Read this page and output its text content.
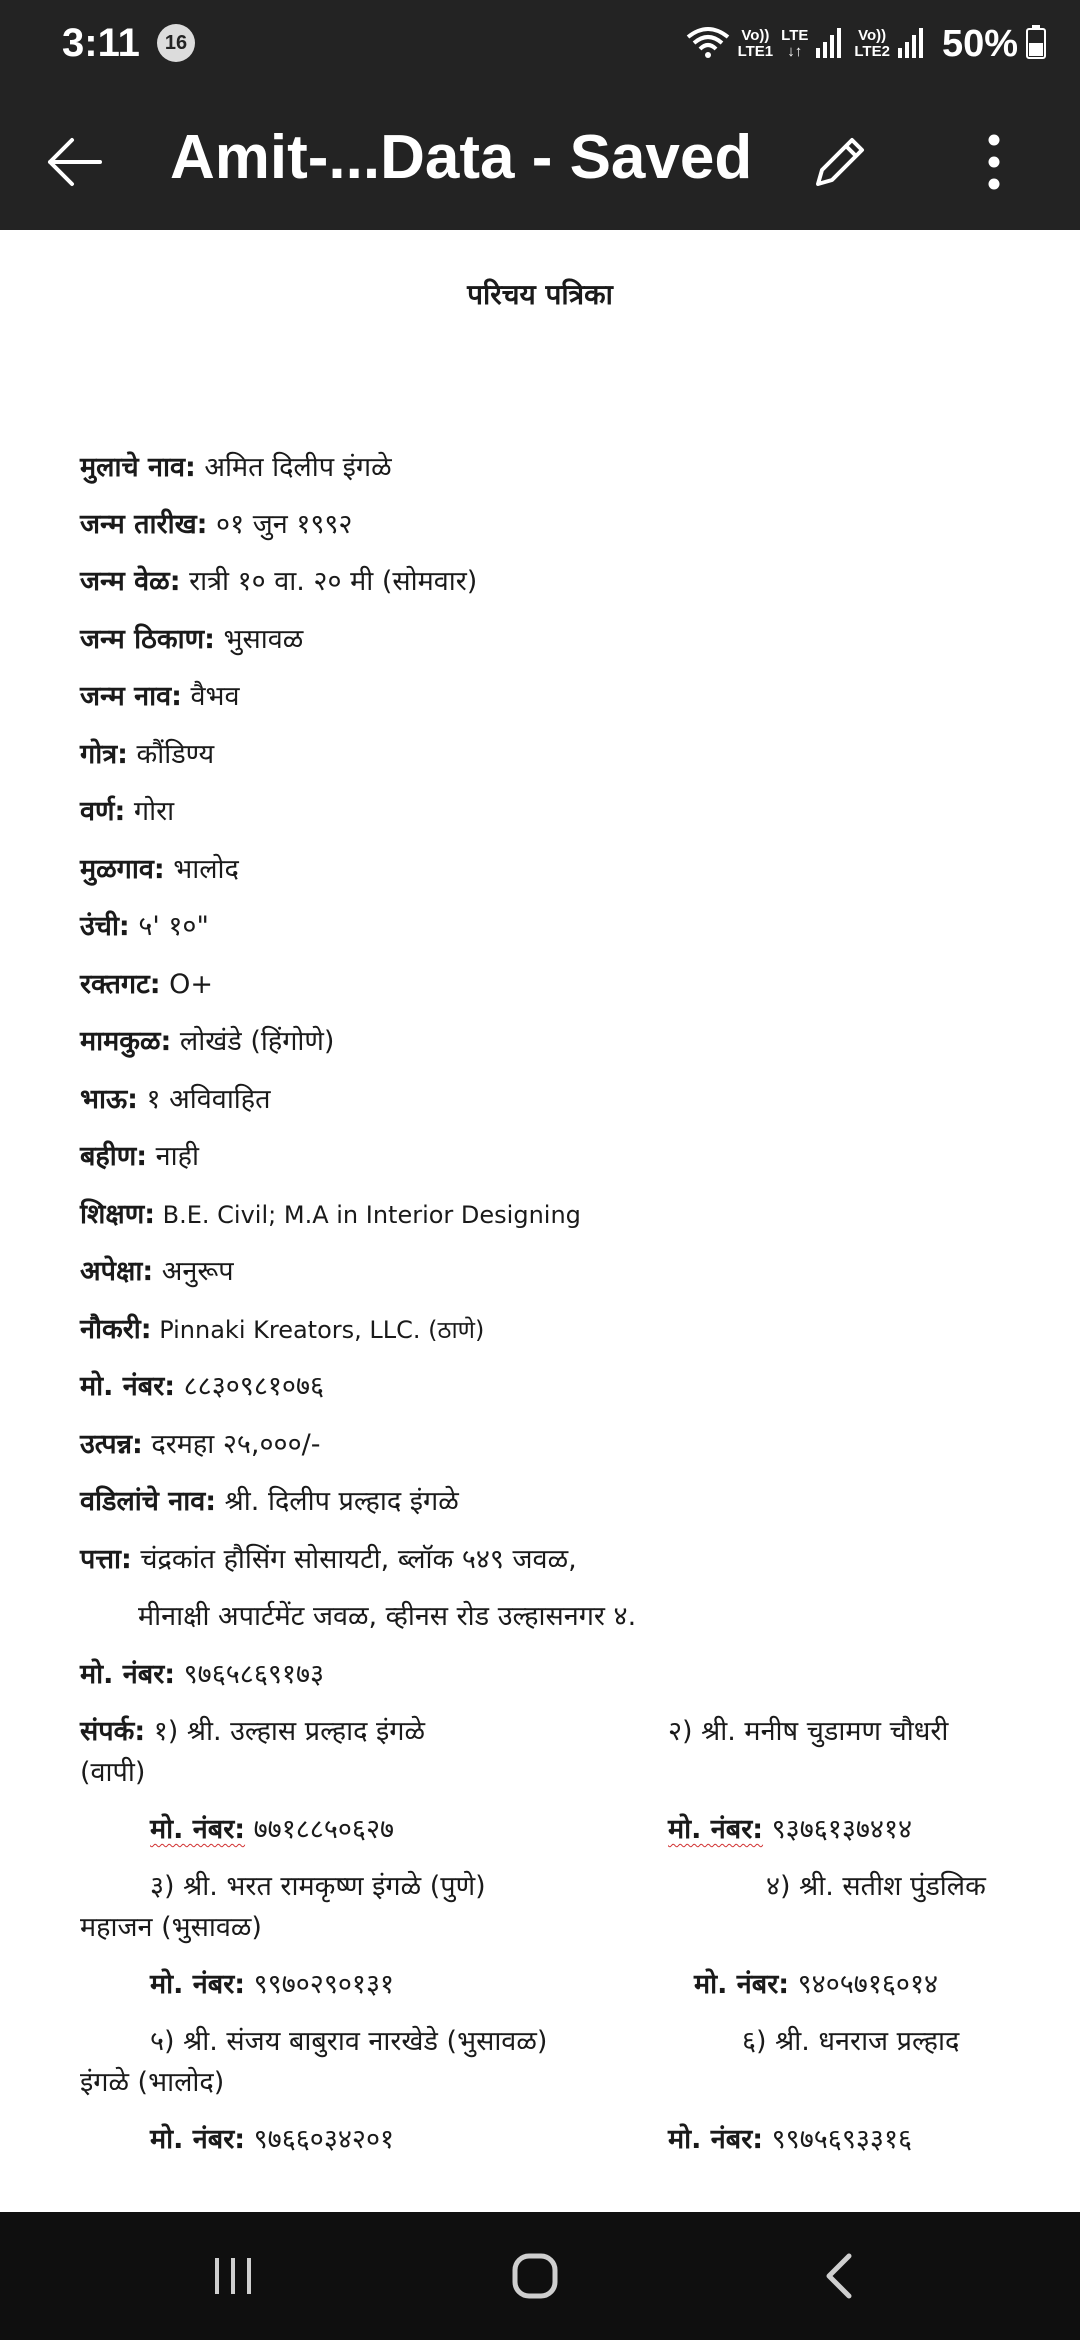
3:11	16	Vo))
LTE1
LTE
↓↑
Vo))
LTE2 50%
Amit-...Data - Saved
परिचय पत्रिका
मुलाचे नाव: अमित दिलीप इंगळे
जन्म तारीख: ०१ जुन १९९२
जन्म वेळ: रात्री १० वा. २० मी (सोमवार)
जन्म ठिकाण: भुसावळ
जन्म नाव: वैभव
गोत्र: कौंडिण्य
वर्ण: गोरा
मुळगाव: भालोद
उंची: ५' १०"
रक्तगट: O+
मामकुळ: लोखंडे (हिंगोणे)
भाऊ: १ अविवाहित
बहीण: नाही
शिक्षण: B.E. Civil; M.A in Interior Designing
अपेक्षा: अनुरूप
नौकरी: Pinnaki Kreators, LLC. (ठाणे)
मो. नंबर: ८८३०९८१०७६
उत्पन्न: दरमहा २५,०००/-
वडिलांचे नाव: श्री. दिलीप प्रल्हाद इंगळे
पत्ता: चंद्रकांत हौसिंग सोसायटी, ब्लॉक ५४९ जवळ,
मीनाक्षी अपार्टमेंट जवळ, व्हीनस रोड उल्हासनगर ४.
मो. नंबर: ९७६५८६९१७३
संपर्क: १) श्री. उल्हास प्रल्हाद इंगळे	२) श्री. मनीष चुडामण चौधरी
(वापी)
मो. नंबर: ७७१८८५०६२७	मो. नंबर: ९३७६१३७४१४
३) श्री. भरत रामकृष्ण इंगळे (पुणे)	४) श्री. सतीश पुंडलिक
महाजन (भुसावळ)
मो. नंबर: ९९७०२९०१३१	मो. नंबर: ९४०५७१६०१४
५) श्री. संजय बाबुराव नारखेडे (भुसावळ)	६) श्री. धनराज प्रल्हाद
इंगळे (भालोद)
मो. नंबर: ९७६६०३४२०१	मो. नंबर: ९९७५६९३३१६
